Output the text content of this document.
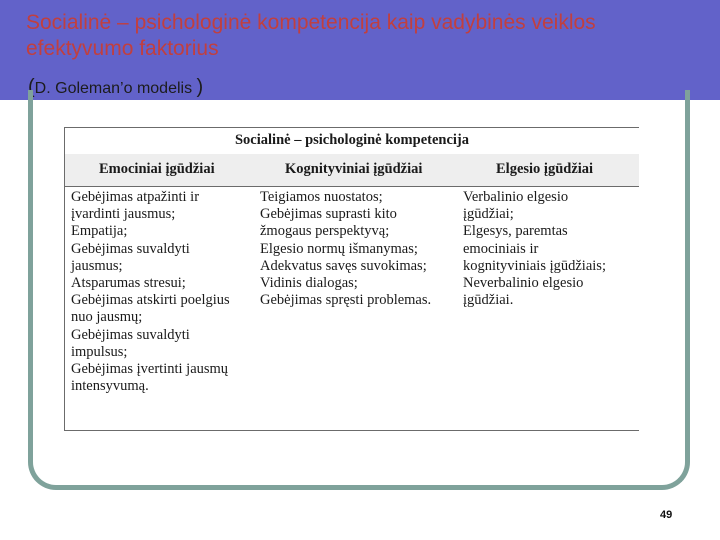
Socialinė – psichologinė kompetencija kaip vadybinės veiklos efektyvumo faktorius
(D. Goleman’o modelis )
Socialinė – psichologinė kompetencija
Emociniai įgūdžiai	Kognityviniai įgūdžiai	Elgesio įgūdžiai
Gebėjimas atpažinti ir
įvardinti jausmus;
Empatija;
Gebėjimas suvaldyti
jausmus;
Atsparumas stresui;
Gebėjimas atskirti poelgius
nuo jausmų;
Gebėjimas suvaldyti
impulsus;
Gebėjimas įvertinti jausmų
intensyvumą.
Teigiamos nuostatos;
Gebėjimas suprasti kito
žmogaus perspektyvą;
Elgesio normų išmanymas;
Adekvatus savęs suvokimas;
Vidinis dialogas;
Gebėjimas spręsti problemas.
Verbalinio elgesio
įgūdžiai;
Elgesys, paremtas
emociniais ir
kognityviniais įgūdžiais;
Neverbalinio elgesio
įgūdžiai.
49
